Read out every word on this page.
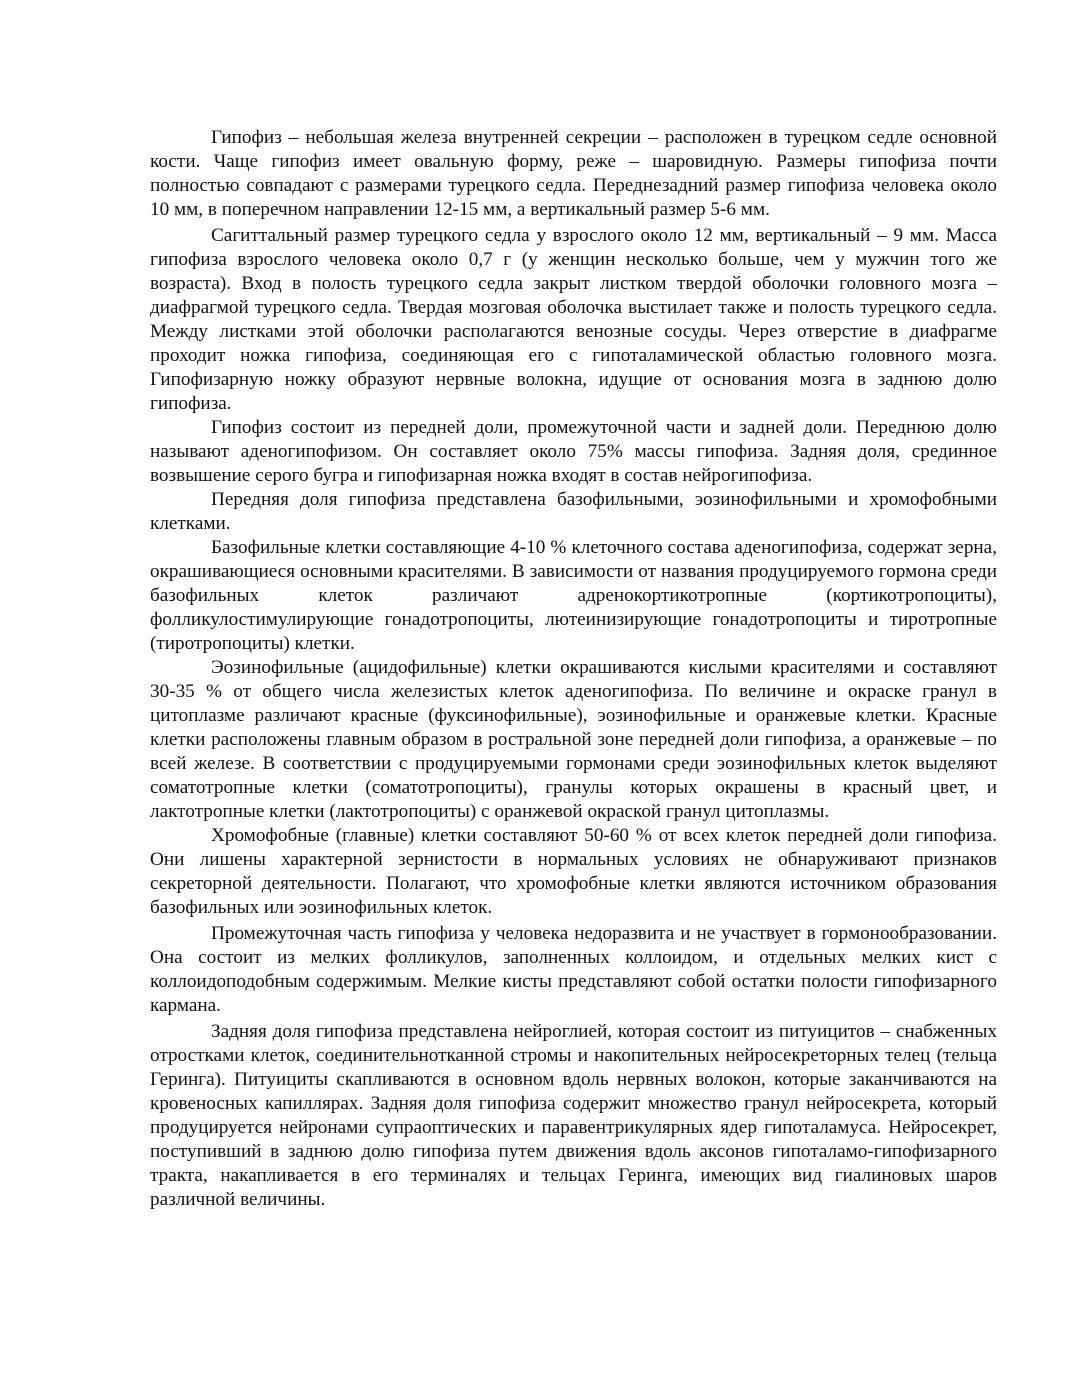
Гипофиз – небольшая железа внутренней секреции – расположен в турецком седле основной кости. Чаще гипофиз имеет овальную форму, реже – шаровидную. Размеры гипофиза почти полностью совпадают с размерами турецкого седла. Переднезадний размер гипофиза человека около 10 мм, в поперечном направлении 12-15 мм, а вертикальный размер 5-6 мм.

Сагиттальный размер турецкого седла у взрослого около 12 мм, вертикальный – 9 мм. Масса гипофиза взрослого человека около 0,7 г (у женщин несколько больше, чем у мужчин того же возраста). Вход в полость турецкого седла закрыт листком твердой оболочки головного мозга – диафрагмой турецкого седла. Твердая мозговая оболочка выстилает также и полость турецкого седла. Между листками этой оболочки располагаются венозные сосуды. Через отверстие в диафрагме проходит ножка гипофиза, соединяющая его с гипоталамической областью головного мозга. Гипофизарную ножку образуют нервные волокна, идущие от основания мозга в заднюю долю гипофиза.

Гипофиз состоит из передней доли, промежуточной части и задней доли. Переднюю долю называют аденогипофизом. Он составляет около 75% массы гипофиза. Задняя доля, срединное возвышение серого бугра и гипофизарная ножка входят в состав нейрогипофиза.

Передняя доля гипофиза представлена базофильными, эозинофильными и хромофобными клетками.

Базофильные клетки составляющие 4-10 % клеточного состава аденогипофиза, содержат зерна, окрашивающиеся основными красителями. В зависимости от названия продуцируемого гормона среди базофильных клеток различают адренокортикотропные (кортикотропоциты), фолликулостимулирующие гонадотропоциты, лютеинизирующие гонадотропоциты и тиротропные (тиротропоциты) клетки.

Эозинофильные (ацидофильные) клетки окрашиваются кислыми красителями и составляют 30-35 % от общего числа железистых клеток аденогипофиза. По величине и окраске гранул в цитоплазме различают красные (фуксинофильные), эозинофильные и оранжевые клетки. Красные клетки расположены главным образом в ростральной зоне передней доли гипофиза, а оранжевые – по всей железе. В соответствии с продуцируемыми гормонами среди эозинофильных клеток выделяют соматотропные клетки (соматотропоциты), гранулы которых окрашены в красный цвет, и лактотропные клетки (лактотропоциты) с оранжевой окраской гранул цитоплазмы.

Хромофобные (главные) клетки составляют 50-60 % от всех клеток передней доли гипофиза. Они лишены характерной зернистости в нормальных условиях не обнаруживают признаков секреторной деятельности. Полагают, что хромофобные клетки являются источником образования базофильных или эозинофильных клеток.

Промежуточная часть гипофиза у человека недоразвита и не участвует в гормонообразовании. Она состоит из мелких фолликулов, заполненных коллоидом, и отдельных мелких кист с коллоидоподобным содержимым. Мелкие кисты представляют собой остатки полости гипофизарного кармана.

Задняя доля гипофиза представлена нейроглией, которая состоит из питуицитов – снабженных отростками клеток, соединительнотканной стромы и накопительных нейросекреторных телец (тельца Геринга). Питуициты скапливаются в основном вдоль нервных волокон, которые заканчиваются на кровеносных капиллярах. Задняя доля гипофиза содержит множество гранул нейросекрета, который продуцируется нейронами супраоптических и паравентрикулярных ядер гипоталамуса. Нейросекрет, поступивший в заднюю долю гипофиза путем движения вдоль аксонов гипоталамо-гипофизарного тракта, накапливается в его терминалях и тельцах Геринга, имеющих вид гиалиновых шаров различной величины.
